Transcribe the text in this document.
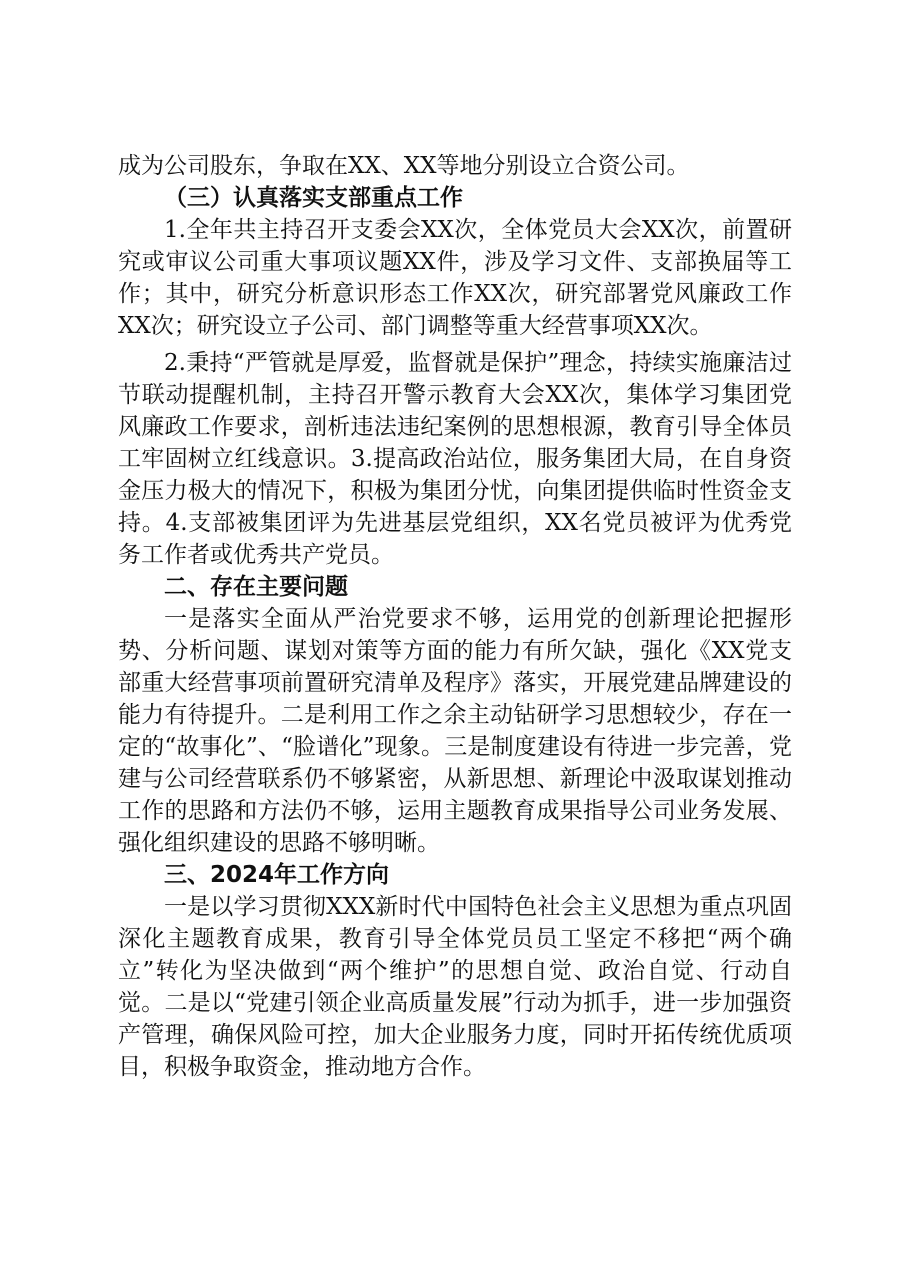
成为公司股东，争取在XX、XX等地分别设立合资公司。

（三）认真落实支部重点工作

1.全年共主持召开支委会XX次，全体党员大会XX次，前置研究或审议公司重大事项议题XX件，涉及学习文件、支部换届等工作；其中，研究分析意识形态工作XX次，研究部署党风廉政工作XX次；研究设立子公司、部门调整等重大经营事项XX次。

2.秉持“严管就是厚爱，监督就是保护”理念，持续实施廉洁过节联动提醒机制，主持召开警示教育大会XX次，集体学习集团党风廉政工作要求，剖析违法违纪案例的思想根源，教育引导全体员工牢固树立红线意识。3.提高政治站位，服务集团大局，在自身资金压力极大的情况下，积极为集团分忧，向集团提供临时性资金支持。4.支部被集团评为先进基层党组织，XX名党员被评为优秀党务工作者或优秀共产党员。

二、存在主要问题

一是落实全面从严治党要求不够，运用党的创新理论把握形势、分析问题、谋划对策等方面的能力有所欠缺，强化《XX党支部重大经营事项前置研究清单及程序》落实，开展党建品牌建设的能力有待提升。二是利用工作之余主动钻研学习思想较少，存在一定的“故事化”、“脸谱化”现象。三是制度建设有待进一步完善，党建与公司经营联系仍不够紧密，从新思想、新理论中汲取谋划推动工作的思路和方法仍不够，运用主题教育成果指导公司业务发展、强化组织建设的思路不够明晰。

三、2024年工作方向

一是以学习贯彻XXX新时代中国特色社会主义思想为重点巩固深化主题教育成果，教育引导全体党员员工坚定不移把“两个确立”转化为坚决做到“两个维护”的思想自觉、政治自觉、行动自觉。二是以“党建引领企业高质量发展”行动为抓手，进一步加强资产管理，确保风险可控，加大企业服务力度，同时开拓传统优质项目，积极争取资金，推动地方合作。
